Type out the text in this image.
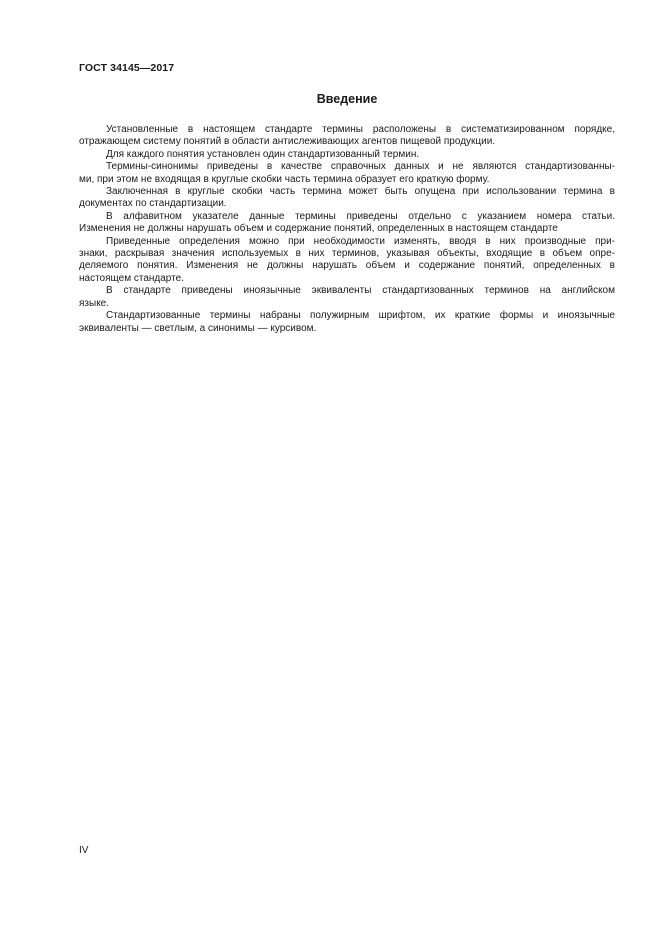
ГОСТ 34145—2017
Введение

Установленные в настоящем стандарте термины расположены в систематизированном порядке,
отражающем систему понятий в области антислеживающих агентов пищевой продукции.

Для каждого понятия установлен один стандартизованный термин.

Термины-синонимы приведены в качестве справочных данных и не являются стандартизованны-
ми, при этом не входящая в круглые скобки часть термина образует его краткую форму.

Заключенная в круглые скобки часть термина может быть опущена при использовании термина в
документах по стандартизации.

В алфавитном указателе данные термины приведены отдельно с указанием номера статьи.
Изменения не должны нарушать объем и содержание понятий, определенных в настоящем стандарте

Приведенные определения можно при необходимости изменять, вводя в них производные при-
знаки, раскрывая значения используемых в них терминов, указывая объекты, входящие в объем опре-
деляемого понятия. Изменения не должны нарушать объем и содержание понятий, определенных в
настоящем стандарте.

В стандарте приведены иноязычные эквиваленты стандартизованных терминов на английском
языке.

Стандартизованные термины набраны полужирным шрифтом, их краткие формы и иноязычные
эквиваленты — светлым, а синонимы — курсивом.

IV
